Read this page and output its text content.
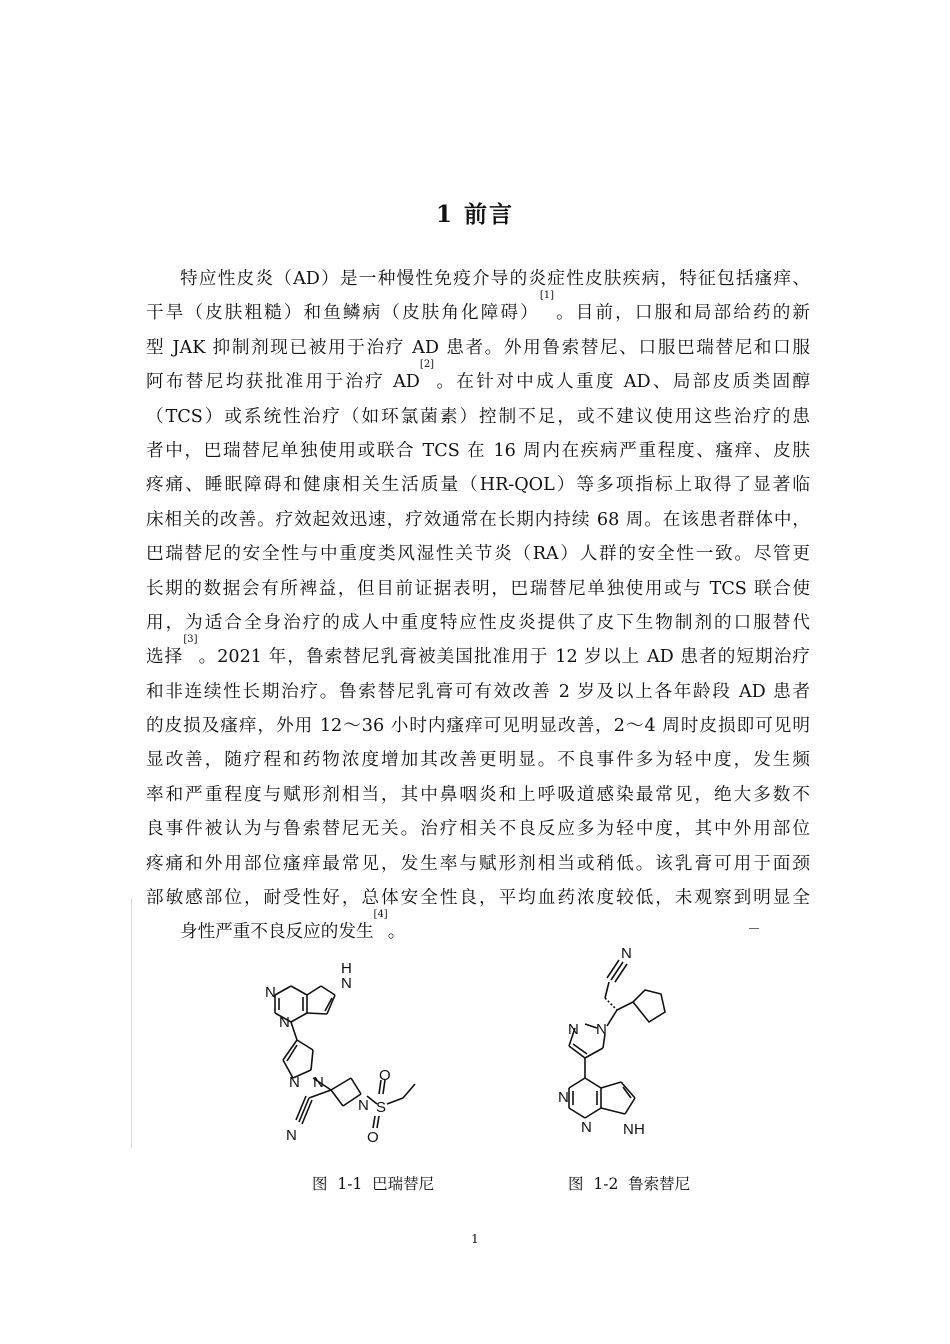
1 前言
特应性皮炎（AD）是一种慢性免疫介导的炎症性皮肤疾病，特征包括瘙痒、
干旱（皮肤粗糙）和鱼鳞病（皮肤角化障碍）[1]。目前，口服和局部给药的新
型 JAK 抑制剂现已被用于治疗 AD 患者。外用鲁索替尼、口服巴瑞替尼和口服
阿布替尼均获批准用于治疗 AD[2]。在针对中成人重度 AD、局部皮质类固醇
（TCS）或系统性治疗（如环氯菌素）控制不足，或不建议使用这些治疗的患
者中，巴瑞替尼单独使用或联合 TCS 在 16 周内在疾病严重程度、瘙痒、皮肤
疼痛、睡眠障碍和健康相关生活质量（HR-QOL）等多项指标上取得了显著临
床相关的改善。疗效起效迅速，疗效通常在长期内持续 68 周。在该患者群体中，
巴瑞替尼的安全性与中重度类风湿性关节炎（RA）人群的安全性一致。尽管更
长期的数据会有所裨益，但目前证据表明，巴瑞替尼单独使用或与 TCS 联合使
用，为适合全身治疗的成人中重度特应性皮炎提供了皮下生物制剂的口服替代
选择[3]。2021 年，鲁索替尼乳膏被美国批准用于 12 岁以上 AD 患者的短期治疗
和非连续性长期治疗。鲁索替尼乳膏可有效改善 2 岁及以上各年龄段 AD 患者
的皮损及瘙痒，外用 12～36 小时内瘙痒可见明显改善，2～4 周时皮损即可见明
显改善，随疗程和药物浓度增加其改善更明显。不良事件多为轻中度，发生频
率和严重程度与赋形剂相当，其中鼻咽炎和上呼吸道感染最常见，绝大多数不
良事件被认为与鲁索替尼无关。治疗相关不良反应多为轻中度，其中外用部位
疼痛和外用部位瘙痒最常见，发生率与赋形剂相当或稍低。该乳膏可用于面颈
部敏感部位，耐受性好，总体安全性良，平均血药浓度较低，未观察到明显全
身性严重不良反应的发生[4]。
H
N
N
N
N N
N S
O
O
N
N
N N
N
N N H
图  1-1  巴瑞替尼	图  1-2  鲁索替尼
1
